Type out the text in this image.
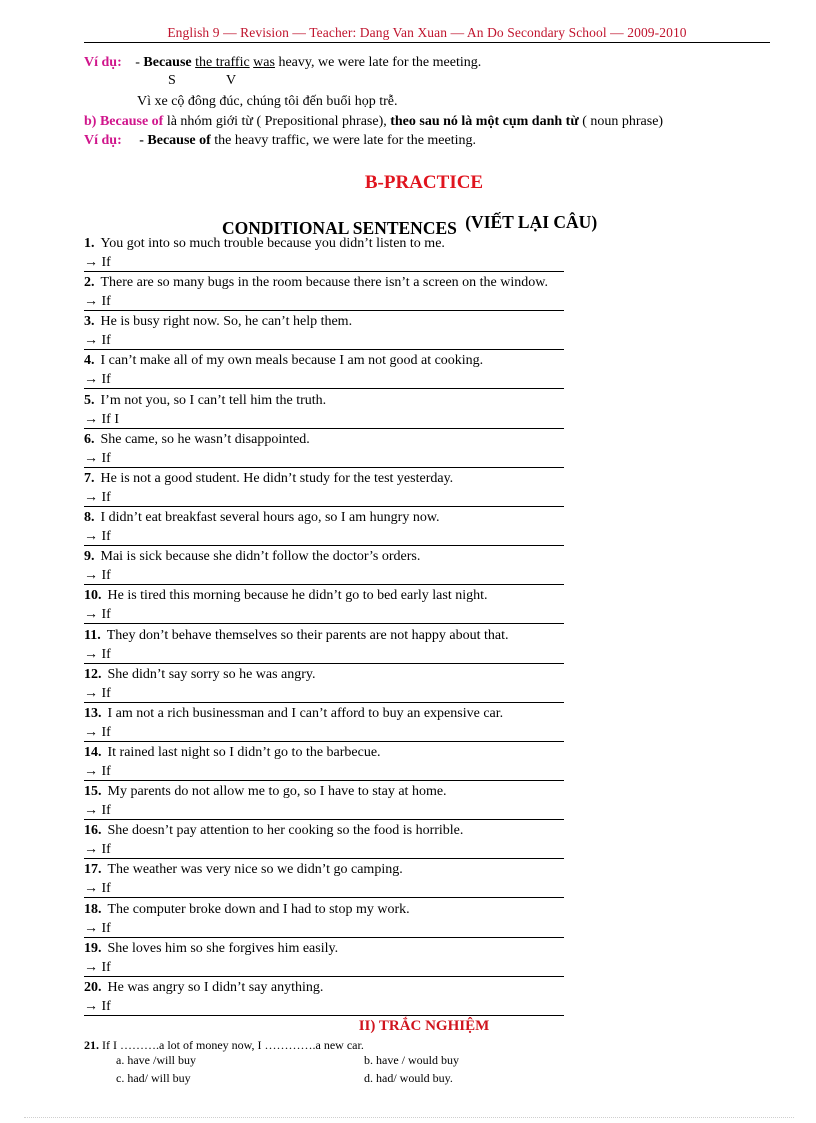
English 9 — Revision — Teacher: Dang Van Xuan — An Do Secondary School — 2009-2010
Ví dụ: - Because the traffic was heavy, we were late for the meeting.
S	V
Vì xe cộ đông đúc, chúng tôi đến buổi họp trễ.
b) Because of là nhóm giới từ ( Prepositional phrase), theo sau nó là một cụm danh từ ( noun phrase)
Ví dụ: - Because of the heavy traffic, we were late for the meeting.
B-PRACTICE
CONDITIONAL SENTENCES (VIẾT LẠI CÂU)
1. You got into so much trouble because you didn’t listen to me.
→ If
2. There are so many bugs in the room because there isn’t a screen on the window.
→ If
3. He is busy right now. So, he can’t help them.
→ If
4. I can’t make all of my own meals because I am not good at cooking.
→ If
5. I’m not you, so I can’t tell him the truth.
→ If I
6. She came, so he wasn’t disappointed.
→ If
7. He is not a good student. He didn’t study for the test yesterday.
→ If
8. I didn’t eat breakfast several hours ago, so I am hungry now.
→ If
9. Mai is sick because she didn’t follow the doctor’s orders.
→ If
10. He is tired this morning because he didn’t go to bed early last night.
→ If
11. They don’t behave themselves so their parents are not happy about that.
→ If
12. She didn’t say sorry so he was angry.
→ If
13. I am not a rich businessman and I can’t afford to buy an expensive car.
→ If
14. It rained last night so I didn’t go to the barbecue.
→ If
15. My parents do not allow me to go, so I have to stay at home.
→ If
16. She doesn’t pay attention to her cooking so the food is horrible.
→ If
17. The weather was very nice so we didn’t go camping.
→ If
18. The computer broke down and I had to stop my work.
→ If
19. She loves him so she forgives him easily.
→ If
20. He was angry so I didn’t say anything.
→ If
II) TRẮC NGHIỆM
21. If I ……….a lot of money now, I ………….a new car.
a. have /will buy	b. have / would buy
c. had/ will buy	d. had/ would buy.
